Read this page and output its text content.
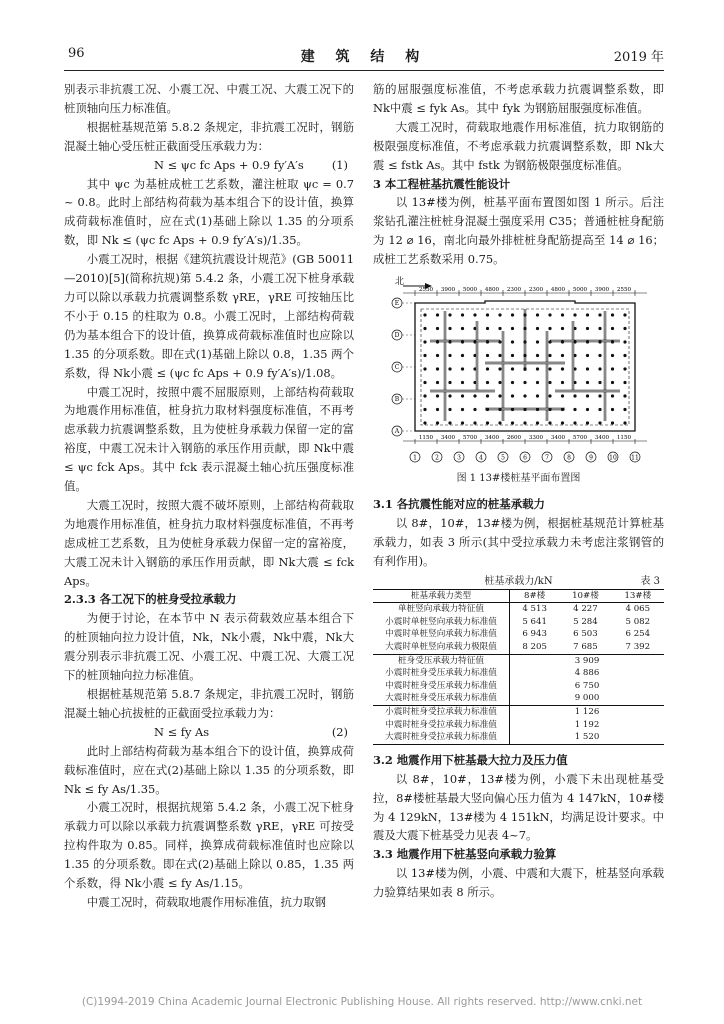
96	建 筑 结 构	2019 年

别表示非抗震工况、小震工况、中震工况、大震工况下的桩顶轴向压力标准值。

根据桩基规范第 5.8.2 条规定，非抗震工况时，钢筋混凝土轴心受压桩正截面受压承载力为：

N ≤ ψc fc Aps + 0.9 fy′A′s (1)

其中 ψc 为基桩成桩工艺系数，灌注桩取 ψc = 0.7 ~ 0.8。此时上部结构荷载为基本组合下的设计值，换算成荷载标准值时，应在式(1)基础上除以 1.35 的分项系数，即 Nk ≤ (ψc fc Aps + 0.9 fy′A′s)/1.35。

小震工况时，根据《建筑抗震设计规范》(GB 50011—2010)[5](简称抗规)第 5.4.2 条，小震工况下桩身承载力可以除以承载力抗震调整系数 γRE，γRE 可按轴压比不小于 0.15 的柱取为 0.8。小震工况时，上部结构荷载仍为基本组合下的设计值，换算成荷载标准值时也应除以 1.35 的分项系数。即在式(1)基础上除以 0.8，1.35 两个系数，得 Nk小震 ≤ (ψc fc Aps + 0.9 fy′A′s)/1.08。

中震工况时，按照中震不屈服原则，上部结构荷载取为地震作用标准值，桩身抗力取材料强度标准值，不再考虑承载力抗震调整系数，且为使桩身承载力保留一定的富裕度，中震工况未计入钢筋的承压作用贡献，即 Nk中震 ≤ ψc fck Aps。其中 fck 表示混凝土轴心抗压强度标准值。

大震工况时，按照大震不破坏原则，上部结构荷载取为地震作用标准值，桩身抗力取材料强度标准值，不再考虑成桩工艺系数，且为使桩身承载力保留一定的富裕度，大震工况未计入钢筋的承压作用贡献，即 Nk大震 ≤ fck Aps。

2.3.3 各工况下的桩身受拉承载力

为便于讨论，在本节中 N 表示荷载效应基本组合下的桩顶轴向拉力设计值，Nk，Nk小震，Nk中震，Nk大震分别表示非抗震工况、小震工况、中震工况、大震工况下的桩顶轴向拉力标准值。

根据桩基规范第 5.8.7 条规定，非抗震工况时，钢筋混凝土轴心抗拔桩的正截面受拉承载力为：

N ≤ fy As	(2)

此时上部结构荷载为基本组合下的设计值，换算成荷载标准值时，应在式(2)基础上除以 1.35 的分项系数，即 Nk ≤ fy As/1.35。

小震工况时，根据抗规第 5.4.2 条，小震工况下桩身承载力可以除以承载力抗震调整系数 γRE，γRE 可按受拉构件取为 0.85。同样，换算成荷载标准值时也应除以 1.35 的分项系数。即在式(2)基础上除以 0.85，1.35 两个系数，得 Nk小震 ≤ fy As/1.15。

中震工况时，荷载取地震作用标准值，抗力取钢

筋的屈服强度标准值，不考虑承载力抗震调整系数，即 Nk中震 ≤ fyk As。其中 fyk 为钢筋屈服强度标准值。

大震工况时，荷载取地震作用标准值，抗力取钢筋的极限强度标准值，不考虑承载力抗震调整系数，即 Nk大震 ≤ fstk As。其中 fstk 为钢筋极限强度标准值。

3 本工程桩基抗震性能设计

以 13#楼为例，桩基平面布置图如图 1 所示。后注浆钻孔灌注桩桩身混凝土强度采用 C35；普通桩桩身配筋为 12 ⌀ 16，南北向最外排桩桩身配筋提高至 14 ⌀ 16；成桩工艺系数采用 0.75。

北
2550 3900 5000 4800 2300 2300 4800 5000 3900 2550
A
B
C
D
E
1150 3400 5700 3400 2600 3300 3400 5700 3400 1150
1	2	3	4	5	6	7	8	9	10 11
图 1 13#楼桩基平面布置图

3.1 各抗震性能对应的桩基承载力

以 8#，10#，13#楼为例，根据桩基规范计算桩基承载力，如表 3 所示(其中受拉承载力未考虑注浆钢管的有利作用)。

桩基承载力/kN	表 3
桩基承载力类型	8#楼	10#楼	13#楼
单桩竖向承载力特征值	4 513	4 227	4 065
小震时单桩竖向承载力标准值	5 641	5 284	5 082
中震时单桩竖向承载力标准值	6 943	6 503	6 254
大震时单桩竖向承载力极限值	8 205	7 685	7 392
桩身受压承载力特征值	3 909		
小震时桩身受压承载力标准值	4 886		
中震时桩身受压承载力标准值	6 750		
大震时桩身受压承载力标准值	9 000		
小震时桩身受拉承载力标准值	1 126		
中震时桩身受拉承载力标准值	1 192		
大震时桩身受拉承载力标准值	1 520		

3.2 地震作用下桩基最大拉力及压力值

以 8#，10#，13#楼为例，小震下未出现桩基受拉，8#楼桩基最大竖向偏心压力值为 4 147kN，10#楼为 4 129kN，13#楼为 4 151kN，均满足设计要求。中震及大震下桩基受力见表 4~7。

3.3 地震作用下桩基竖向承载力验算

以 13#楼为例，小震、中震和大震下，桩基竖向承载力验算结果如表 8 所示。

(C)1994-2019 China Academic Journal Electronic Publishing House. All rights reserved. http://www.cnki.net
